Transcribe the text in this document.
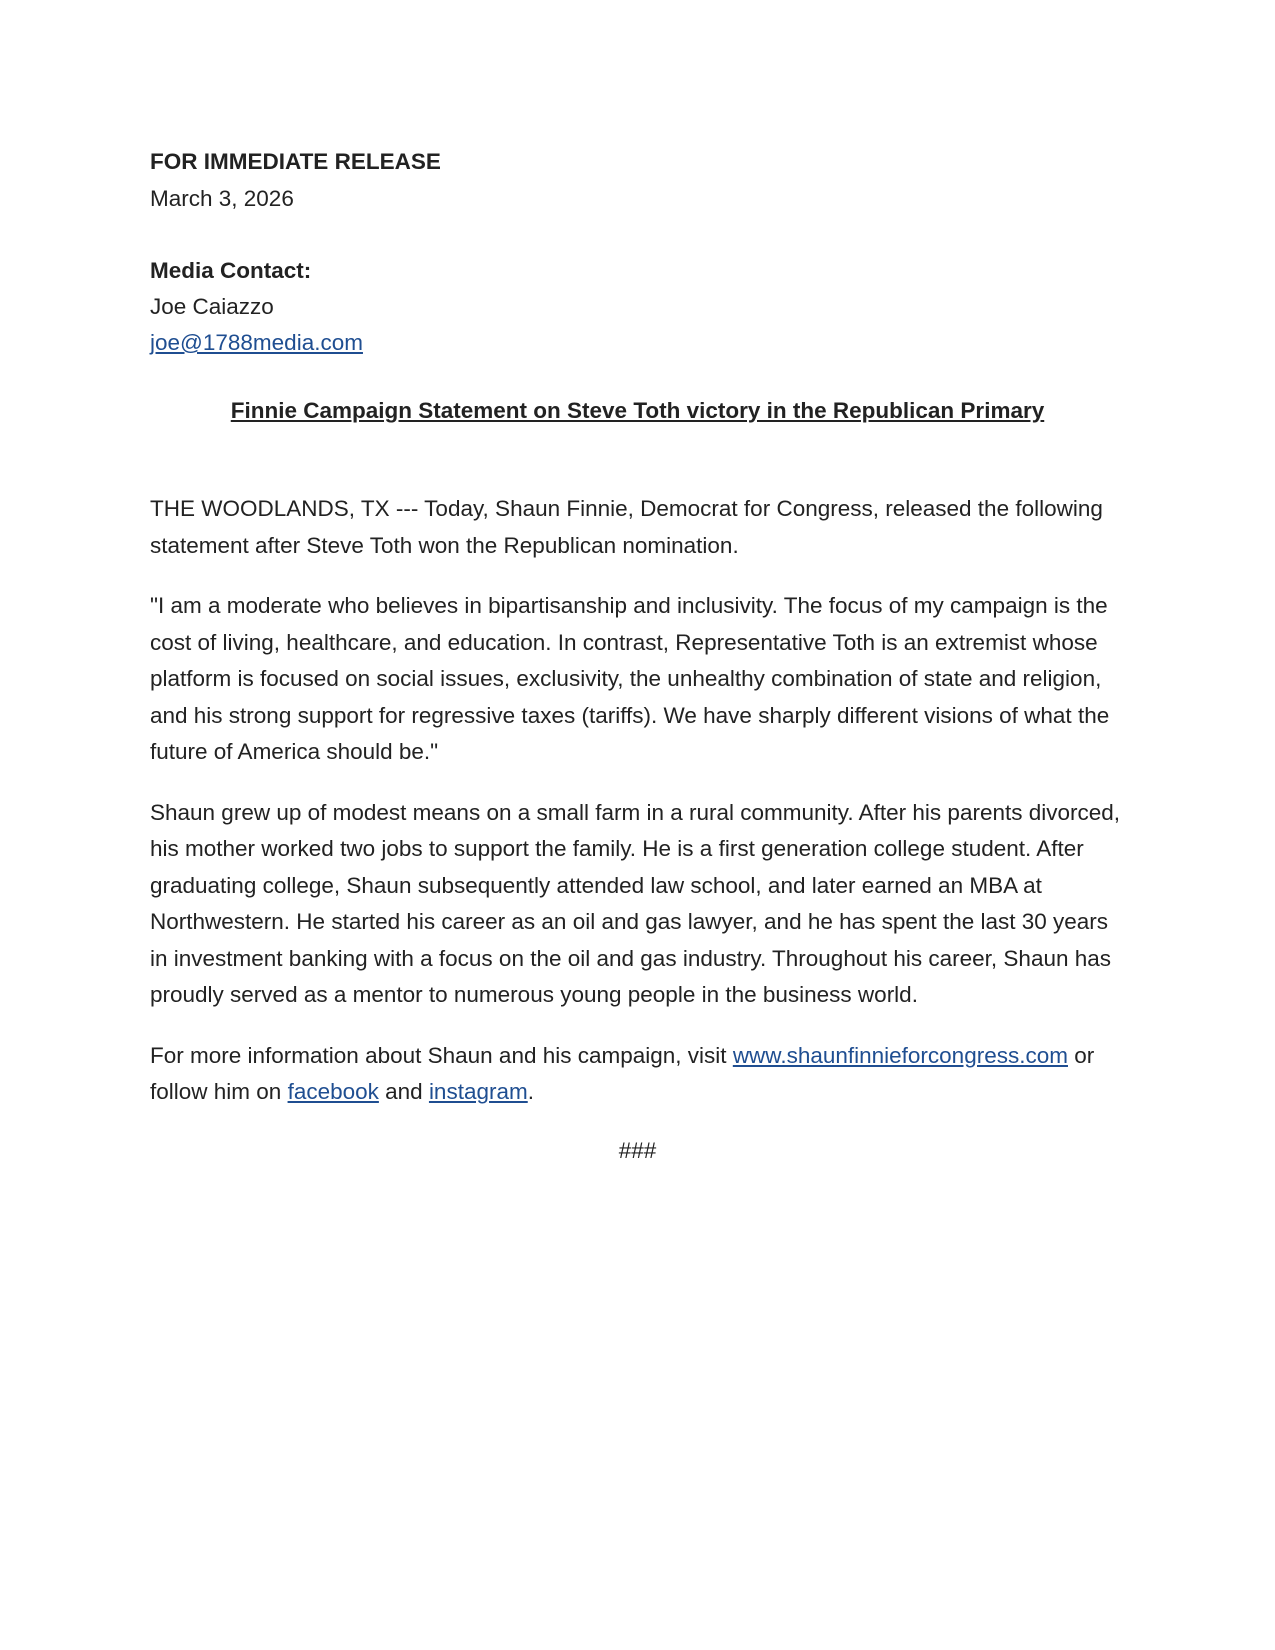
FOR IMMEDIATE RELEASE
March 3, 2026
Media Contact:
Joe Caiazzo
joe@1788media.com
Finnie Campaign Statement on Steve Toth victory in the Republican Primary

THE WOODLANDS, TX --- Today, Shaun Finnie, Democrat for Congress, released the following statement after Steve Toth won the Republican nomination.

"I am a moderate who believes in bipartisanship and inclusivity. The focus of my campaign is the cost of living, healthcare, and education. In contrast, Representative Toth is an extremist whose platform is focused on social issues, exclusivity, the unhealthy combination of state and religion, and his strong support for regressive taxes (tariffs). We have sharply different visions of what the future of America should be."

Shaun grew up of modest means on a small farm in a rural community. After his parents divorced, his mother worked two jobs to support the family. He is a first generation college student. After graduating college, Shaun subsequently attended law school, and later earned an MBA at Northwestern. He started his career as an oil and gas lawyer, and he has spent the last 30 years in investment banking with a focus on the oil and gas industry. Throughout his career, Shaun has proudly served as a mentor to numerous young people in the business world.

For more information about Shaun and his campaign, visit www.shaunfinnieforcongress.com or follow him on facebook and instagram.

###
